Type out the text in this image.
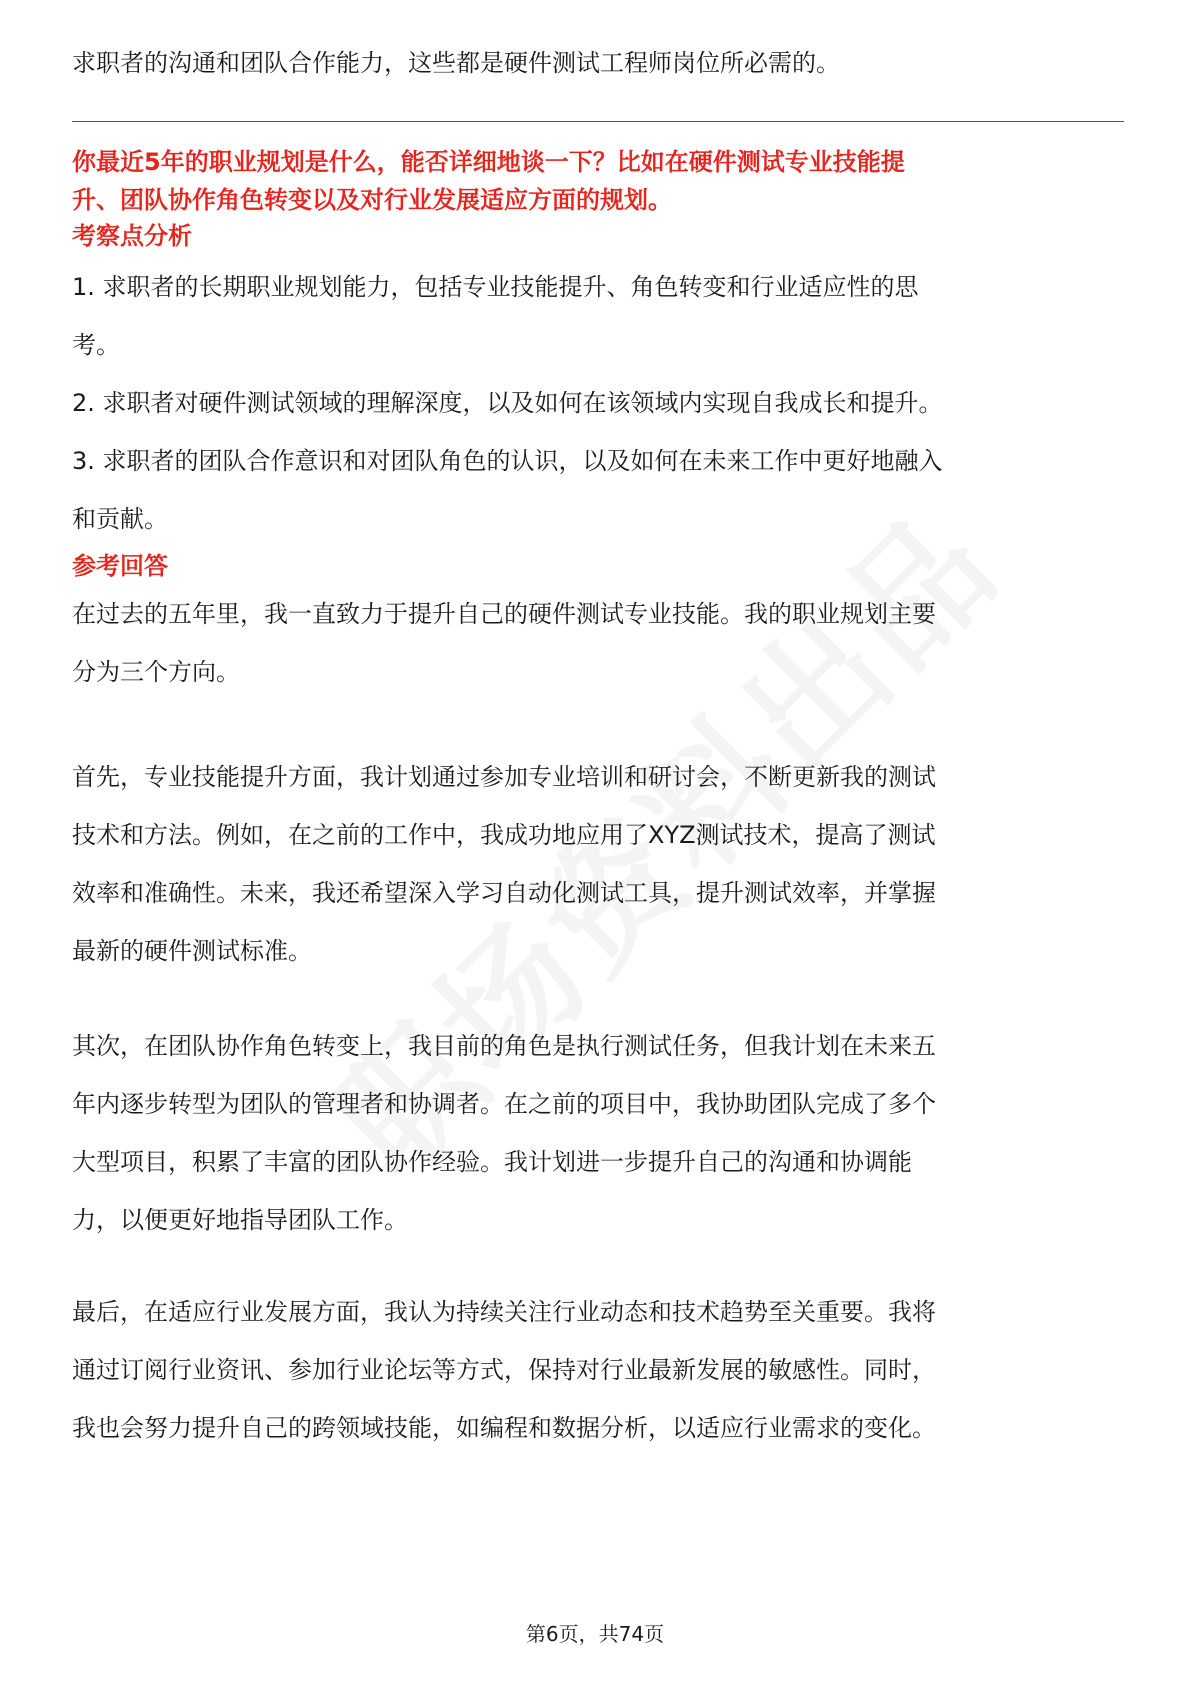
求职者的沟通和团队合作能力，这些都是硬件测试工程师岗位所必需的。
你最近5年的职业规划是什么，能否详细地谈一下？比如在硬件测试专业技能提
升、团队协作角色转变以及对行业发展适应方面的规划。
考察点分析
1. 求职者的长期职业规划能力，包括专业技能提升、角色转变和行业适应性的思
考。
2. 求职者对硬件测试领域的理解深度，以及如何在该领域内实现自我成长和提升。
3. 求职者的团队合作意识和对团队角色的认识，以及如何在未来工作中更好地融入
和贡献。
参考回答
在过去的五年里，我一直致力于提升自己的硬件测试专业技能。我的职业规划主要
分为三个方向。
首先，专业技能提升方面，我计划通过参加专业培训和研讨会，不断更新我的测试
技术和方法。例如，在之前的工作中，我成功地应用了XYZ测试技术，提高了测试
效率和准确性。未来，我还希望深入学习自动化测试工具，提升测试效率，并掌握
最新的硬件测试标准。
其次，在团队协作角色转变上，我目前的角色是执行测试任务，但我计划在未来五
年内逐步转型为团队的管理者和协调者。在之前的项目中，我协助团队完成了多个
大型项目，积累了丰富的团队协作经验。我计划进一步提升自己的沟通和协调能
力，以便更好地指导团队工作。
最后，在适应行业发展方面，我认为持续关注行业动态和技术趋势至关重要。我将
通过订阅行业资讯、参加行业论坛等方式，保持对行业最新发展的敏感性。同时，
我也会努力提升自己的跨领域技能，如编程和数据分析，以适应行业需求的变化。
第6页，共74页
